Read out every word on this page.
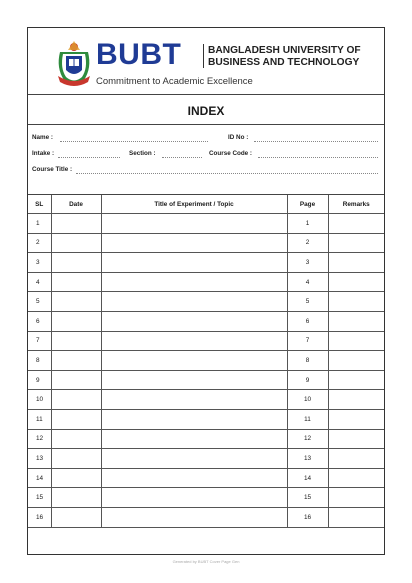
BUBT	BANGLADESH UNIVERSITY OF
BUSINESS AND TECHNOLOGY
Commitment to Academic Excellence
INDEX
Name :	ID No :
Intake :	Section :	Course Code :
Course Title :
SL	Date	Title of Experiment / Topic	Page	Remarks
1			1	
2			2	
3			3	
4			4	
5			5	
6			6	
7			7	
8			8	
9			9	
10			10	
11			11	
12			12	
13			13	
14			14	
15			15	
16			16	
Generated by BUBT Cover Page Gen
